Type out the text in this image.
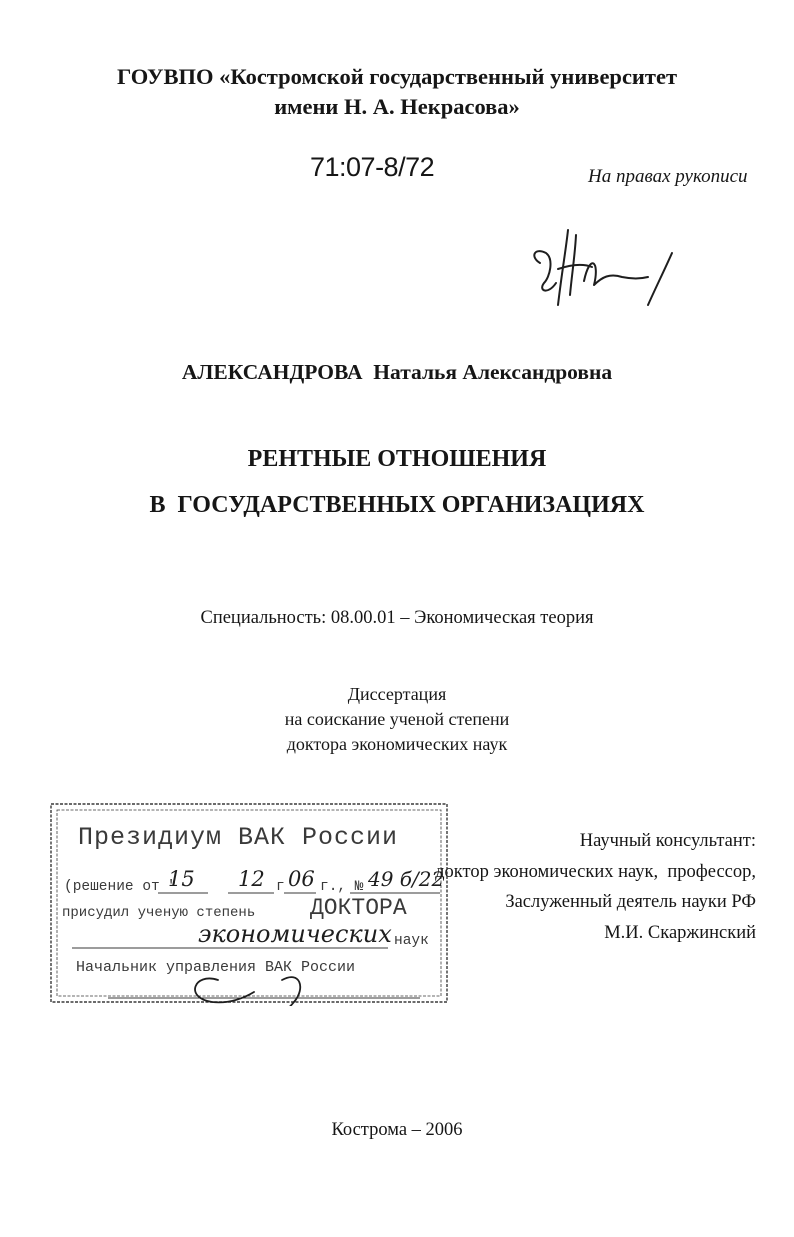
ГОУВПО «Костромской государственный университет
имени Н. А. Некрасова»
71:07-8/72	На правах рукописи
АЛЕКСАНДРОВА Наталья Александровна
РЕНТНЫЕ ОТНОШЕНИЯ
В  ГОСУДАРСТВЕННЫХ ОРГАНИЗАЦИЯХ
Специальность: 08.00.01 – Экономическая теория
Диссертация
на соискание ученой степени
доктора экономических наук
Научный консультант:
доктор экономических наук,  профессор,
Заслуженный деятель науки РФ
М.И. Скаржинский
Президиум ВАК России
(решение от "	г г., №
присудил ученую степень ДОКТОРА
наук
Начальник управления ВАК России
15 12 06	49 б/22
экономических
Кострома – 2006
